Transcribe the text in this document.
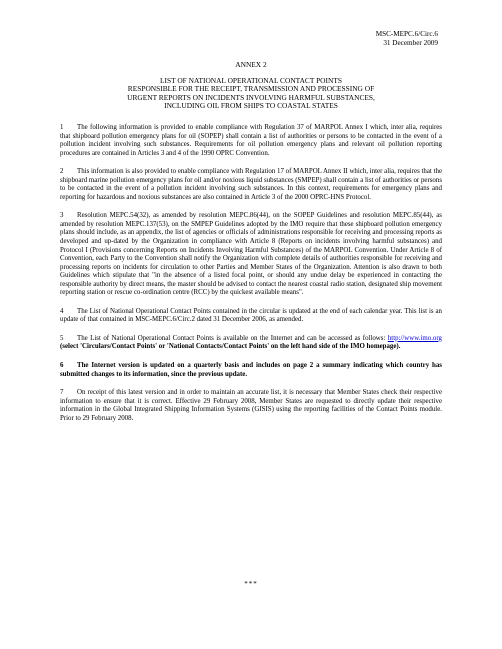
MSC-MEPC.6/Circ.6
31 December 2009
ANNEX 2
LIST OF NATIONAL OPERATIONAL CONTACT POINTS
RESPONSIBLE FOR THE RECEIPT, TRANSMISSION AND PROCESSING OF
URGENT REPORTS ON INCIDENTS INVOLVING HARMFUL SUBSTANCES,
INCLUDING OIL FROM SHIPS TO COASTAL STATES

1 The following information is provided to enable compliance with Regulation 37 of MARPOL Annex I which, inter alia, requires that shipboard pollution emergency plans for oil (SOPEP) shall contain a list of authorities or persons to be contacted in the event of a pollution incident involving such substances. Requirements for oil pollution emergency plans and relevant oil pollution reporting procedures are contained in Articles 3 and 4 of the 1990 OPRC Convention.

2 This information is also provided to enable compliance with Regulation 17 of MARPOL Annex II which, inter alia, requires that the shipboard marine pollution emergency plans for oil and/or noxious liquid substances (SMPEP) shall contain a list of authorities or persons to be contacted in the event of a pollution incident involving such substances. In this context, requirements for emergency plans and reporting for hazardous and noxious substances are also contained in Article 3 of the 2000 OPRC-HNS Protocol.

3 Resolution MEPC.54(32), as amended by resolution MEPC.86(44), on the SOPEP Guidelines and resolution MEPC.85(44), as amended by resolution MEPC.137(53), on the SMPEP Guidelines adopted by the IMO require that these shipboard pollution emergency plans should include, as an appendix, the list of agencies or officials of administrations responsible for receiving and processing reports as developed and up-dated by the Organization in compliance with Article 8 (Reports on incidents involving harmful substances) and Protocol I (Provisions concerning Reports on Incidents Involving Harmful Substances) of the MARPOL Convention. Under Article 8 of Convention, each Party to the Convention shall notify the Organization with complete details of authorities responsible for receiving and processing reports on incidents for circulation to other Parties and Member States of the Organization. Attention is also drawn to both Guidelines which stipulate that "in the absence of a listed focal point, or should any undue delay be experienced in contacting the responsible authority by direct means, the master should be advised to contact the nearest coastal radio station, designated ship movement reporting station or rescue co-ordination centre (RCC) by the quickest available means".

4 The List of National Operational Contact Points contained in the circular is updated at the end of each calendar year. This list is an update of that contained in MSC-MEPC.6/Circ.2 dated 31 December 2006, as amended.

5 The List of National Operational Contact Points is available on the Internet and can be accessed as follows: http://www.imo.org (select 'Circulars/Contact Points' or 'National Contacts/Contact Points' on the left hand side of the IMO homepage).

6 The Internet version is updated on a quarterly basis and includes on page 2 a summary indicating which country has submitted changes to its information, since the previous update.

7 On receipt of this latest version and in order to maintain an accurate list, it is necessary that Member States check their respective information to ensure that it is correct. Effective 29 February 2008, Member States are requested to directly update their respective information in the Global Integrated Shipping Information Systems (GISIS) using the reporting facilities of the Contact Points module. Prior to 29 February 2008.

***
